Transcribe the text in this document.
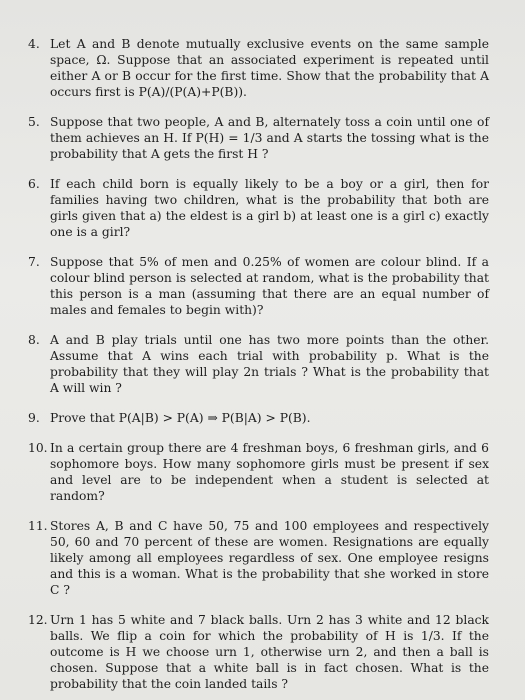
4. Let A and B denote mutually exclusive events on the same sample space, Ω. Suppose that an associated experiment is repeated until either A or B occur for the first time. Show that the probability that A occurs first is P(A)/(P(A)+P(B)).
5. Suppose that two people, A and B, alternately toss a coin until one of them achieves an H. If P(H) = 1/3 and A starts the tossing what is the probability that A gets the first H ?
6. If each child born is equally likely to be a boy or a girl, then for families having two children, what is the probability that both are girls given that a) the eldest is a girl b) at least one is a girl c) exactly one is a girl?
7. Suppose that 5% of men and 0.25% of women are colour blind. If a colour blind person is selected at random, what is the probability that this person is a man (assuming that there are an equal number of males and females to begin with)?
8. A and B play trials until one has two more points than the other. Assume that A wins each trial with probability p. What is the probability that they will play 2n trials ? What is the probability that A will win ?
9. Prove that P(A|B) > P(A) ⇒ P(B|A) > P(B).
10. In a certain group there are 4 freshman boys, 6 freshman girls, and 6 sophomore boys. How many sophomore girls must be present if sex and level are to be independent when a student is selected at random?
11. Stores A, B and C have 50, 75 and 100 employees and respectively 50, 60 and 70 percent of these are women. Resignations are equally likely among all employees regardless of sex. One employee resigns and this is a woman. What is the probability that she worked in store C ?
12. Urn 1 has 5 white and 7 black balls. Urn 2 has 3 white and 12 black balls. We flip a coin for which the probability of H is 1/3. If the outcome is H we choose urn 1, otherwise urn 2, and then a ball is chosen. Suppose that a white ball is in fact chosen. What is the probability that the coin landed tails ?
